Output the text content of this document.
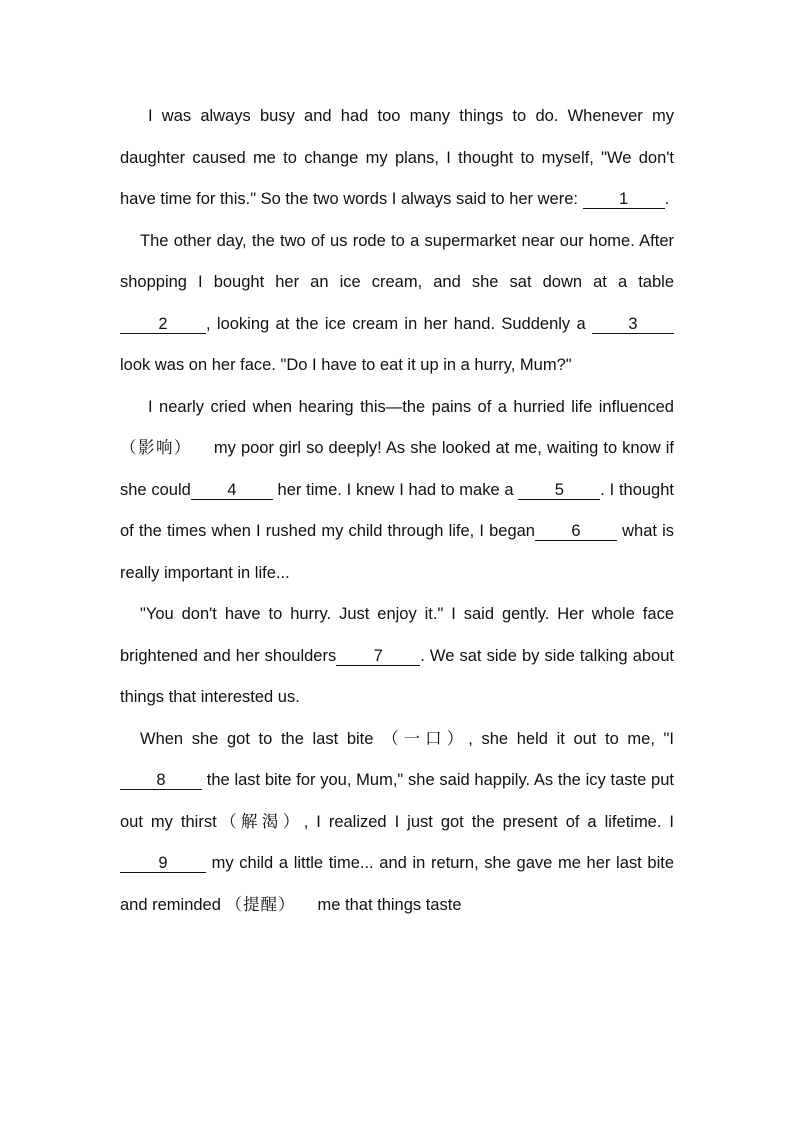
I was always busy and had too many things to do. Whenever my daughter caused me to change my plans, I thought to myself, "We don't have time for this." So the two words I always said to her were: 1 .

The other day, the two of us rode to a supermarket near our home. After shopping I bought her an ice cream, and she sat down at a table 2 , looking at the ice cream in her hand. Suddenly a 3 look was on her face. "Do I have to eat it up in a hurry, Mum?"

I nearly cried when hearing this—the pains of a hurried life influenced（影响） my poor girl so deeply! As she looked at me, waiting to know if she could 4 her time. I knew I had to make a 5 . I thought of the times when I rushed my child through life, I began 6 what is really important in life...

"You don't have to hurry. Just enjoy it." I said gently. Her whole face brightened and her shoulders 7 . We sat side by side talking about things that interested us.

When she got to the last bite （一口）, she held it out to me, "I 8 the last bite for you, Mum," she said happily. As the icy taste put out my thirst（解渴）, I realized I just got the present of a lifetime. I 9 my child a little time... and in return, she gave me her last bite and reminded （提醒） me that things taste
